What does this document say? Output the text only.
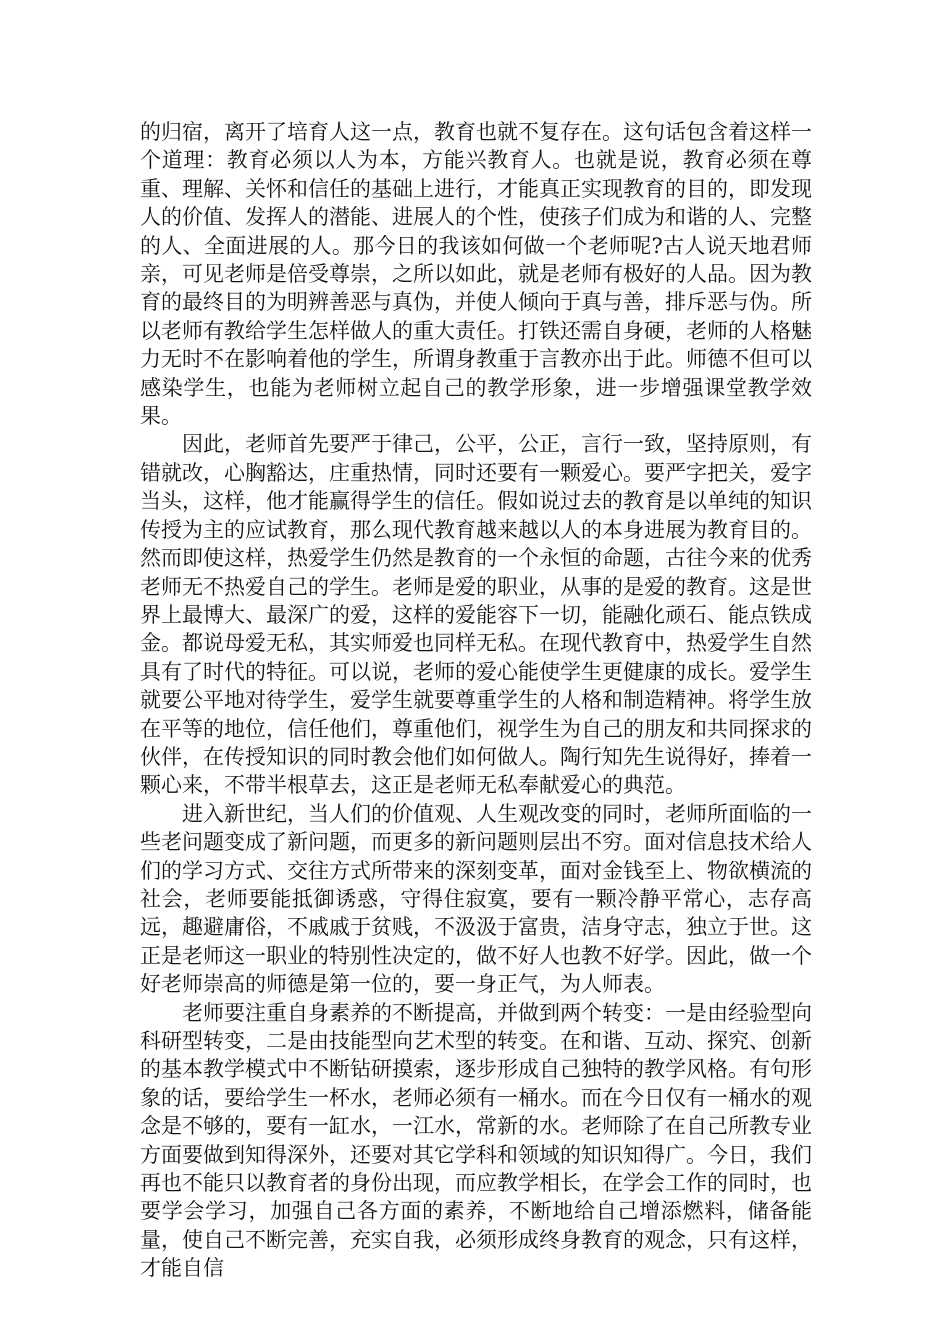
的归宿，离开了培育人这一点，教育也就不复存在。这句话包含着这样一个道理：教育必须以人为本，方能兴教育人。也就是说，教育必须在尊重、理解、关怀和信任的基础上进行，才能真正实现教育的目的，即发现人的价值、发挥人的潜能、进展人的个性，使孩子们成为和谐的人、完整的人、全面进展的人。那今日的我该如何做一个老师呢?古人说天地君师亲，可见老师是倍受尊崇，之所以如此，就是老师有极好的人品。因为教育的最终目的为明辨善恶与真伪，并使人倾向于真与善，排斥恶与伪。所以老师有教给学生怎样做人的重大责任。打铁还需自身硬，老师的人格魅力无时不在影响着他的学生，所谓身教重于言教亦出于此。师德不但可以感染学生，也能为老师树立起自己的教学形象，进一步增强课堂教学效果。

因此，老师首先要严于律己，公平，公正，言行一致，坚持原则，有错就改，心胸豁达，庄重热情，同时还要有一颗爱心。要严字把关，爱字当头，这样，他才能赢得学生的信任。假如说过去的教育是以单纯的知识传授为主的应试教育，那么现代教育越来越以人的本身进展为教育目的。然而即使这样，热爱学生仍然是教育的一个永恒的命题，古往今来的优秀老师无不热爱自己的学生。老师是爱的职业，从事的是爱的教育。这是世界上最博大、最深广的爱，这样的爱能容下一切，能融化顽石、能点铁成金。都说母爱无私，其实师爱也同样无私。在现代教育中，热爱学生自然具有了时代的特征。可以说，老师的爱心能使学生更健康的成长。爱学生就要公平地对待学生，爱学生就要尊重学生的人格和制造精神。将学生放在平等的地位，信任他们，尊重他们，视学生为自己的朋友和共同探求的伙伴，在传授知识的同时教会他们如何做人。陶行知先生说得好，捧着一颗心来，不带半根草去，这正是老师无私奉献爱心的典范。

进入新世纪，当人们的价值观、人生观改变的同时，老师所面临的一些老问题变成了新问题，而更多的新问题则层出不穷。面对信息技术给人们的学习方式、交往方式所带来的深刻变革，面对金钱至上、物欲横流的社会，老师要能抵御诱惑，守得住寂寞，要有一颗冷静平常心，志存高远，趣避庸俗，不戚戚于贫贱，不汲汲于富贵，洁身守志，独立于世。这正是老师这一职业的特别性决定的，做不好人也教不好学。因此，做一个好老师崇高的师德是第一位的，要一身正气，为人师表。

老师要注重自身素养的不断提高，并做到两个转变：一是由经验型向科研型转变，二是由技能型向艺术型的转变。在和谐、互动、探究、创新的基本教学模式中不断钻研摸索，逐步形成自己独特的教学风格。有句形象的话，要给学生一杯水，老师必须有一桶水。而在今日仅有一桶水的观念是不够的，要有一缸水，一江水，常新的水。老师除了在自己所教专业方面要做到知得深外，还要对其它学科和领域的知识知得广。今日，我们再也不能只以教育者的身份出现，而应教学相长，在学会工作的同时，也要学会学习，加强自己各方面的素养，不断地给自己增添燃料，储备能量，使自己不断完善，充实自我，必须形成终身教育的观念，只有这样，才能自信
